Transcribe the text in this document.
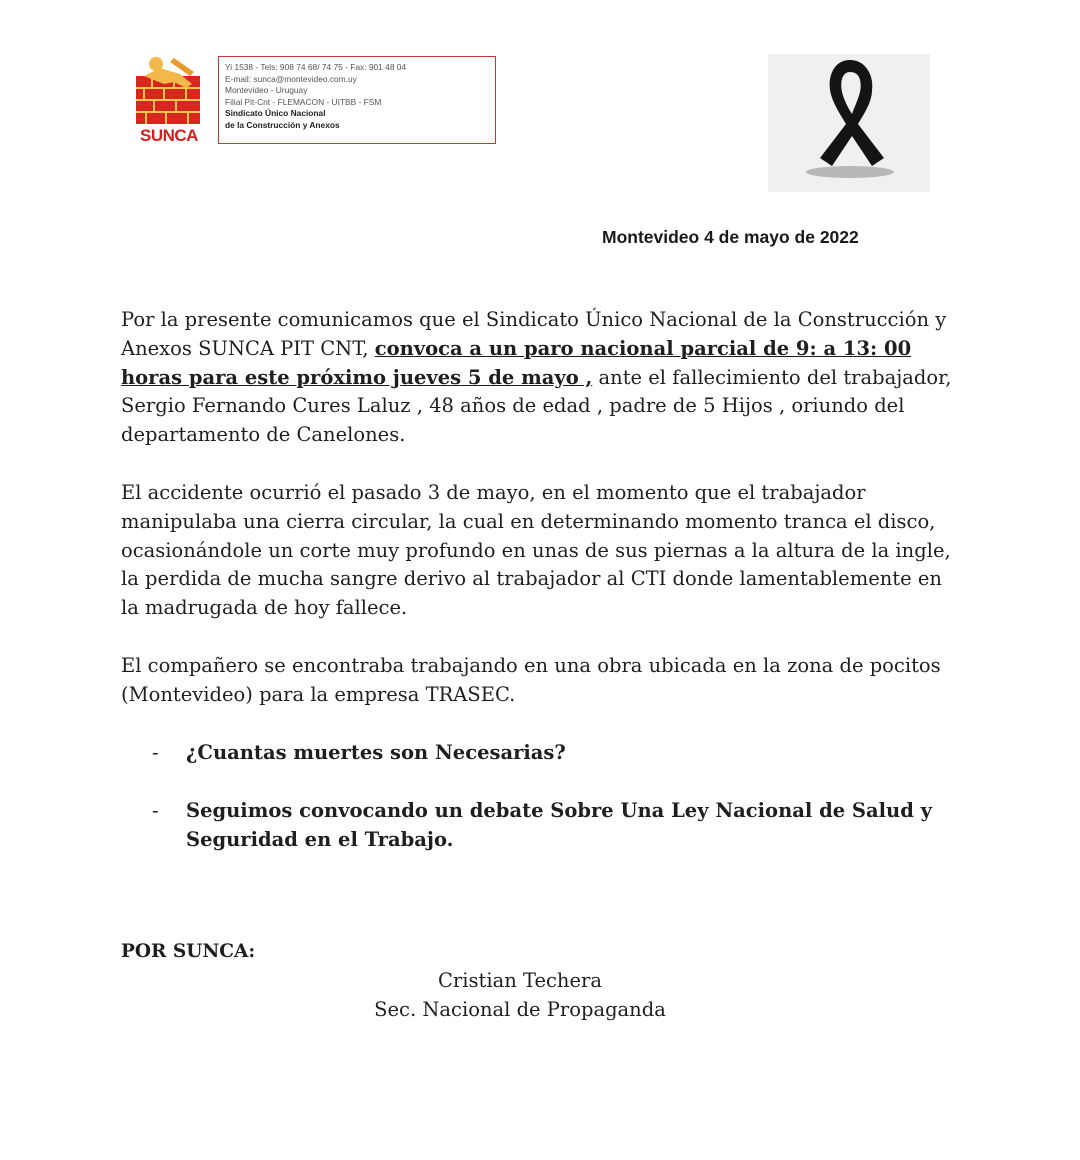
SUNCA
Yi 1538 - Tels: 908 74 68/ 74 75 - Fax: 901 48 04
E-mail: sunca@montevideo.com.uy
Montevideo - Uruguay
Filial Pit-Cnt - FLEMACON - UITBB - FSM
Sindicato Único Nacional
de la Construcción y Anexos
Montevideo 4 de mayo de 2022

Por la presente comunicamos que el Sindicato Único Nacional de la Construcción y Anexos SUNCA PIT CNT, convoca a un paro nacional parcial de 9: a 13: 00 horas para este próximo jueves 5 de mayo , ante el fallecimiento del trabajador, Sergio Fernando Cures Laluz , 48 años de edad , padre de 5 Hijos , oriundo del departamento de Canelones.

El accidente ocurrió el pasado 3 de mayo, en el momento que el trabajador manipulaba una cierra circular, la cual en determinando momento tranca el disco, ocasionándole un corte muy profundo en unas de sus piernas a la altura de la ingle, la perdida de mucha sangre derivo al trabajador al CTI donde lamentablemente en la madrugada de hoy fallece.

El compañero se encontraba trabajando en una obra ubicada en la zona de pocitos (Montevideo) para la empresa TRASEC.

- ¿Cuantas muertes son Necesarias?
- Seguimos convocando un debate Sobre Una Ley Nacional de Salud y Seguridad en el Trabajo.
POR SUNCA:
Cristian Techera
Sec. Nacional de Propaganda
